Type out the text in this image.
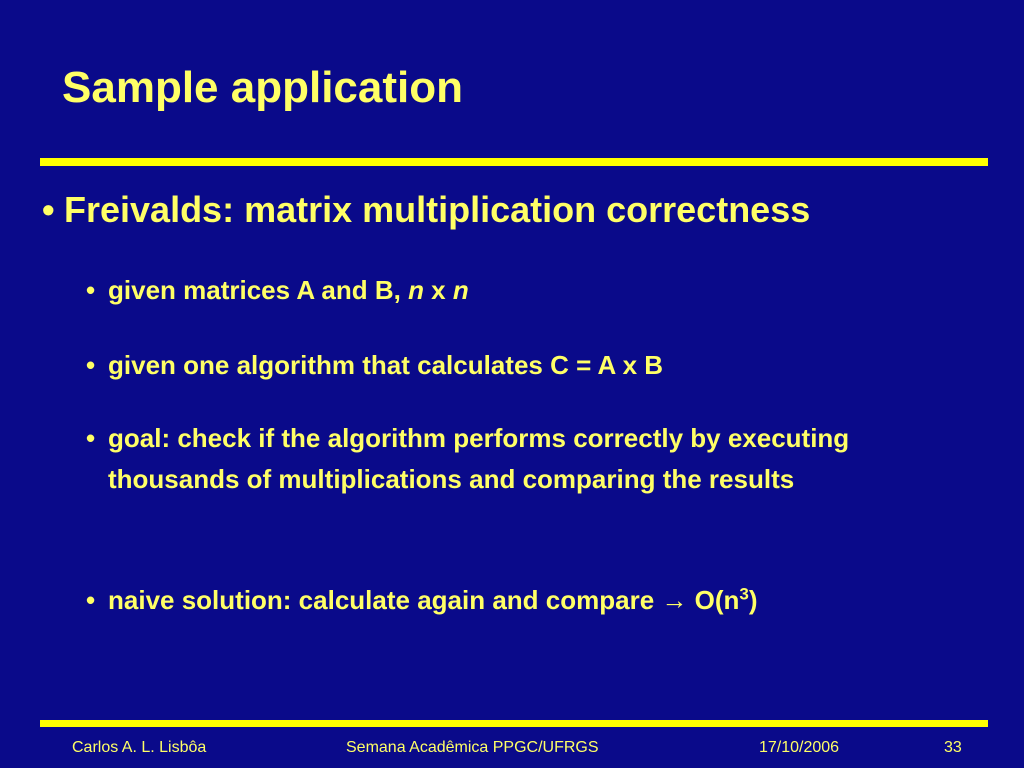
Sample application
• Freivalds: matrix multiplication correctness
• given matrices A and B, n x n
• given one algorithm that calculates C = A x B
• goal: check if the algorithm performs correctly by executing thousands of multiplications and comparing the results
• naive solution: calculate again and compare → $O(n^3)$
Carlos A. L. Lisbôa	Semana Acadêmica PPGC/UFRGS	17/10/2006	33
